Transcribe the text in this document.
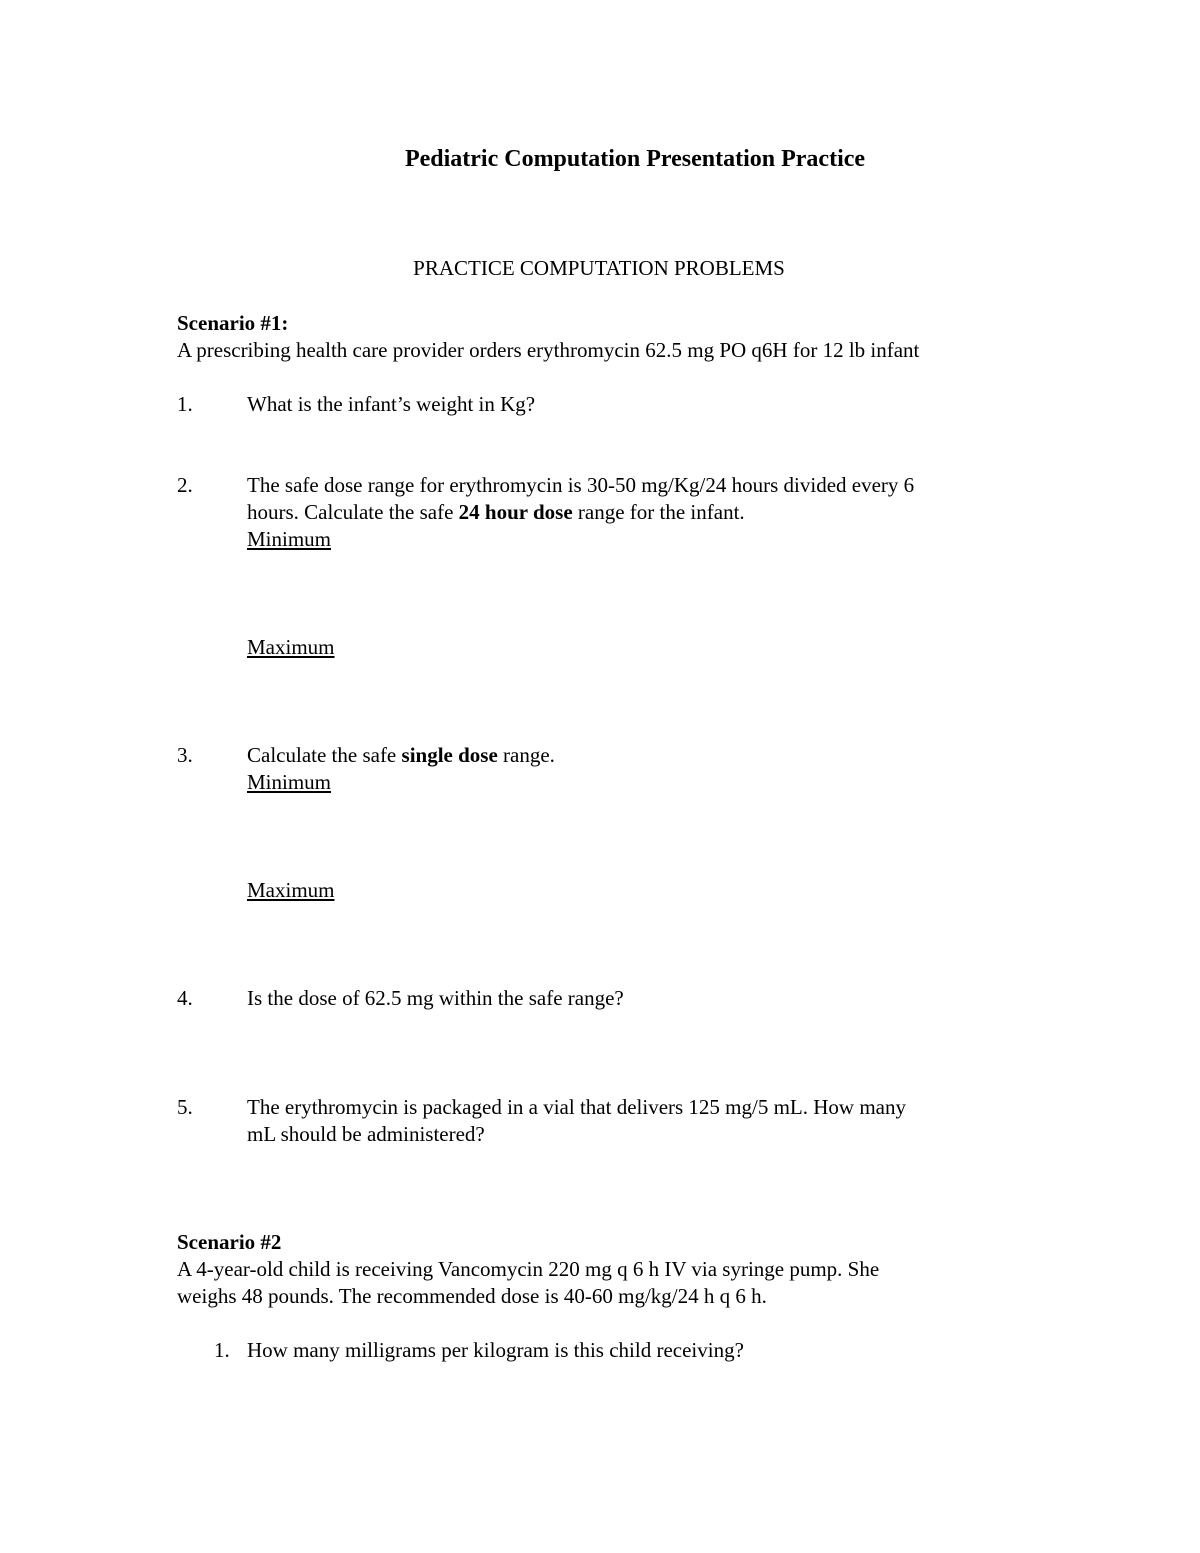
Pediatric Computation Presentation Practice
PRACTICE COMPUTATION PROBLEMS
Scenario #1:
A prescribing health care provider orders erythromycin 62.5 mg PO q6H for 12 lb infant
1.	What is the infant’s weight in Kg?
2.	The safe dose range for erythromycin is 30-50 mg/Kg/24 hours divided every 6
hours. Calculate the safe 24 hour dose range for the infant.
Minimum
Maximum
3.	Calculate the safe single dose range.
Minimum
Maximum
4.	Is the dose of 62.5 mg within the safe range?
5.	The erythromycin is packaged in a vial that delivers 125 mg/5 mL. How many
mL should be administered?
Scenario #2
A 4-year-old child is receiving Vancomycin 220 mg q 6 h IV via syringe pump. She
weighs 48 pounds. The recommended dose is 40-60 mg/kg/24 h q 6 h.
1. How many milligrams per kilogram is this child receiving?
